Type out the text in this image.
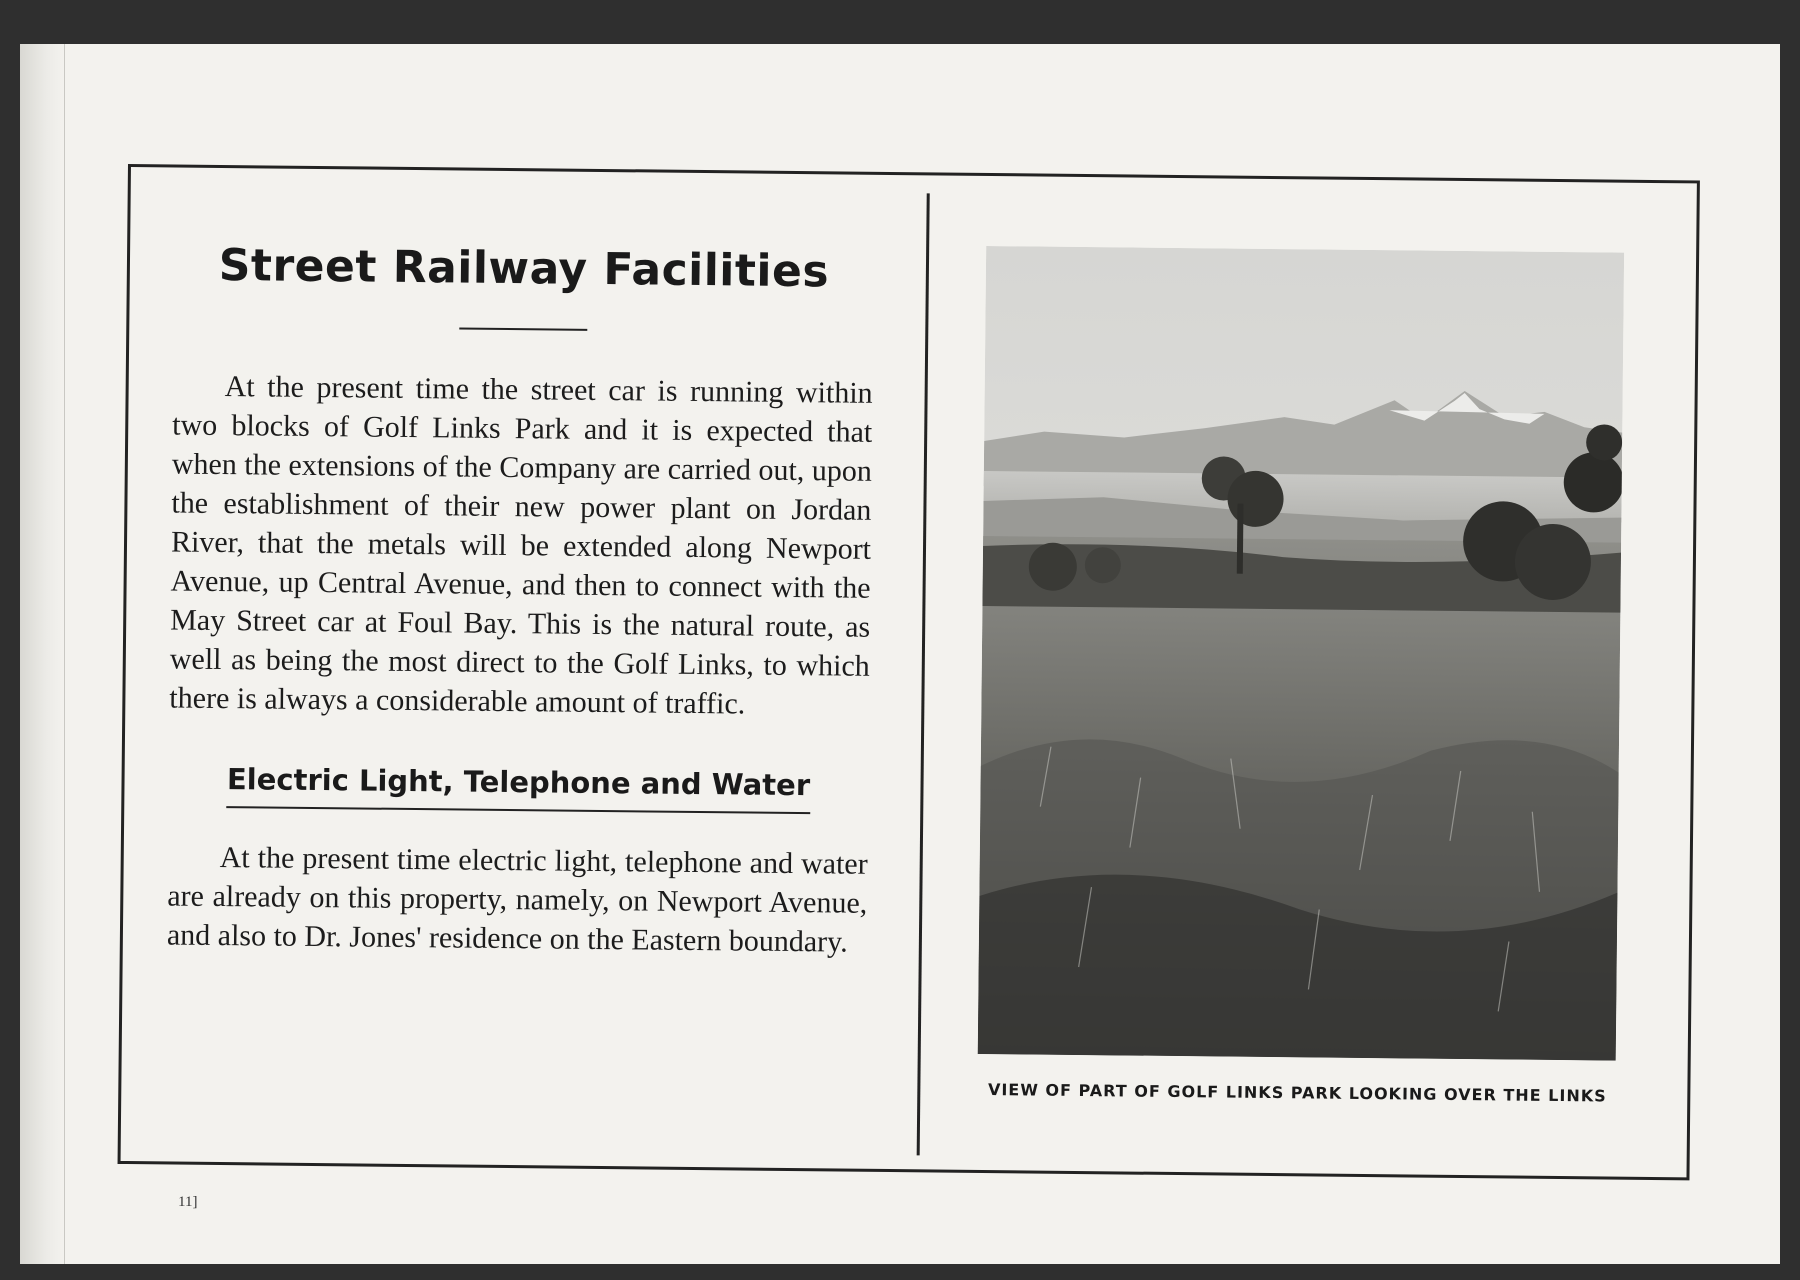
Street Railway Facilities

At the present time the street car is running within two blocks of Golf Links Park and it is expected that when the extensions of the Company are carried out, upon the establishment of their new power plant on Jordan River, that the metals will be extended along Newport Avenue, up Central Avenue, and then to connect with the May Street car at Foul Bay. This is the natural route, as well as being the most direct to the Golf Links, to which there is always a considerable amount of traffic.

Electric Light, Telephone and Water

At the present time electric light, telephone and water are already on this property, namely, on Newport Avenue, and also to Dr. Jones' residence on the Eastern boundary.

VIEW OF PART OF GOLF LINKS PARK LOOKING OVER THE LINKS
11]
